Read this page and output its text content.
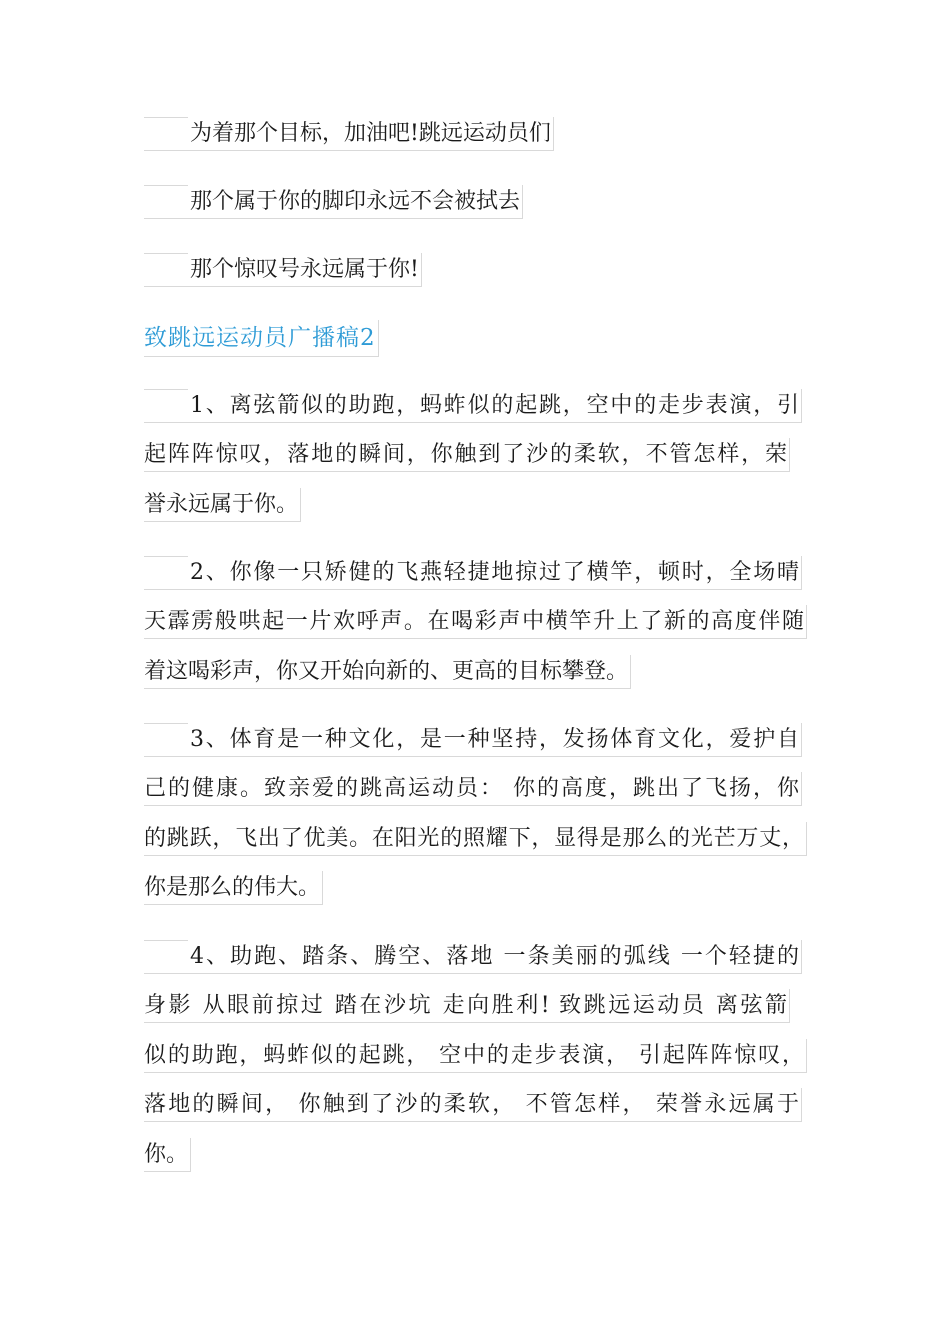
为着那个目标，加油吧!跳远运动员们
那个属于你的脚印永远不会被拭去
那个惊叹号永远属于你!
致跳远运动员广播稿2
1、离弦箭似的助跑，蚂蚱似的起跳，空中的走步表演，引
起阵阵惊叹，落地的瞬间，你触到了沙的柔软，不管怎样，荣
誉永远属于你。
2、你像一只矫健的飞燕轻捷地掠过了横竿，顿时，全场晴
天霹雳般哄起一片欢呼声。在喝彩声中横竿升上了新的高度伴随
着这喝彩声，你又开始向新的、更高的目标攀登。
3、体育是一种文化，是一种坚持，发扬体育文化，爱护自
己的健康。致亲爱的跳高运动员： 你的高度，跳出了飞扬，你
的跳跃，飞出了优美。在阳光的照耀下，显得是那么的光芒万丈，
你是那么的伟大。
4、助跑、踏条、腾空、落地 一条美丽的弧线 一个轻捷的
身影 从眼前掠过 踏在沙坑 走向胜利! 致跳远运动员 离弦箭
似的助跑，蚂蚱似的起跳， 空中的走步表演， 引起阵阵惊叹，
落地的瞬间， 你触到了沙的柔软， 不管怎样， 荣誉永远属于
你。
